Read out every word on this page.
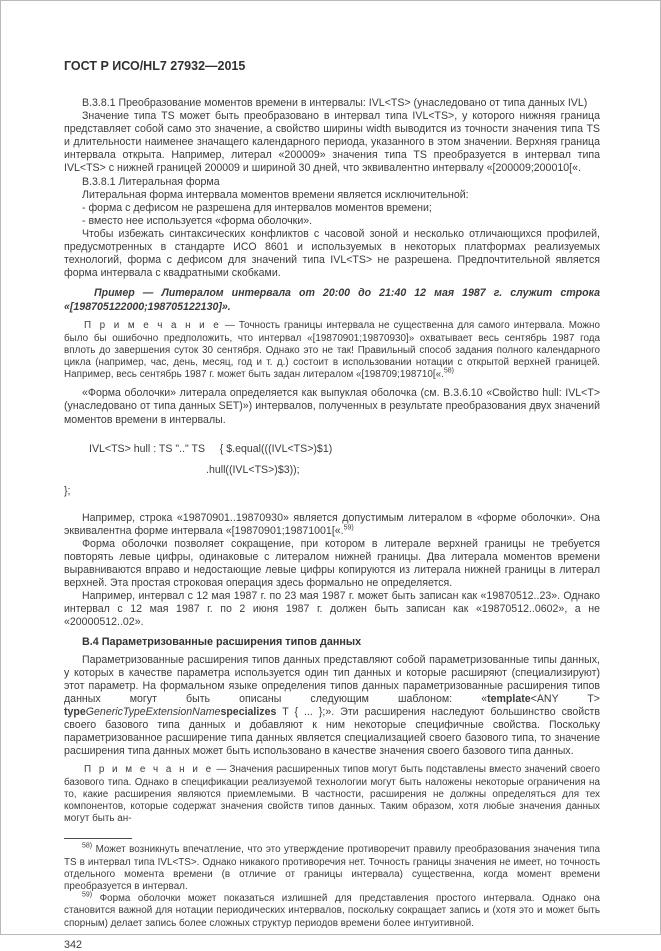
ГОСТ Р ИСО/HL7 27932—2015

В.3.8.1 Преобразование моментов времени в интервалы: IVL<TS> (унаследовано от типа данных IVL)

Значение типа TS может быть преобразовано в интервал типа IVL<TS>, у которого нижняя граница представляет собой само это значение, а свойство ширины width выводится из точности значения типа TS и длительности наименее значащего календарного периода, указанного в этом значении. Верхняя граница интервала открыта. Например, литерал «200009» значения типа TS преобразуется в интервал типа IVL<TS> с нижней границей 200009 и шириной 30 дней, что эквивалентно интервалу «[200009;200010[«.

В.3.8.1 Литеральная форма

Литеральная форма интервала моментов времени является исключительной:

- форма с дефисом не разрешена для интервалов моментов времени;

- вместо нее используется «форма оболочки».

Чтобы избежать синтаксических конфликтов с часовой зоной и несколько отличающихся профилей, предусмотренных в стандарте ИСО 8601 и используемых в некоторых платформах реализуемых технологий, форма с дефисом для значений типа IVL<TS> не разрешена. Предпочтительной является форма интервала с квадратными скобками.

Пример — Литералом интервала от 20:00 до 21:40 12 мая 1987 г. служит строка «[198705122000;198705122130]».

П р и м е ч а н и е — Точность границы интервала не существенна для самого интервала. Можно было бы ошибочно предположить, что интервал «[19870901;19870930]» охватывает весь сентябрь 1987 года вплоть до завершения суток 30 сентября. Однако это не так! Правильный способ задания полного календарного цикла (например, час, день, месяц, год и т. д.) состоит в использовании нотации с открытой верхней границей. Например, весь сентябрь 1987 г. может быть задан литералом «[198709;198710[«.$^{58)}$

«Форма оболочки» литерала определяется как выпуклая оболочка (см. В.3.6.10 «Свойство hull: IVL<T> (унаследовано от типа данных SET)») интервалов, полученных в результате преобразования двух значений моментов времени в интервалы.

IVL<TS> hull : TS ".." TS     { $.equal(((IVL<TS>)$1)
.hull((IVL<TS>)$3));
};

Например, строка «19870901..19870930» является допустимым литералом в «форме оболочки». Она эквивалентна форме интервала «[19870901;19871001[«.$^{59)}$

Форма оболочки позволяет сокращение, при котором в литерале верхней границы не требуется повторять левые цифры, одинаковые с литералом нижней границы. Два литерала моментов времени выравниваются вправо и недостающие левые цифры копируются из литерала нижней границы в литерал верхней. Эта простая строковая операция здесь формально не определяется.

Например, интервал с 12 мая 1987 г. по 23 мая 1987 г. может быть записан как «19870512..23». Однако интервал с 12 мая 1987 г. по 2 июня 1987 г. должен быть записан как «19870512..0602», а не «20000512..02».

В.4 Параметризованные расширения типов данных

Параметризованные расширения типов данных представляют собой параметризованные типы данных, у которых в качестве параметра используется один тип данных и которые расширяют (специализируют) этот параметр. На формальном языке определения типов данных параметризованные расширения типов данных могут быть описаны следующим шаблоном: «template<ANY T> typeGenericTypeExtensionNamespecializes T { ... };». Эти расширения наследуют большинство свойств своего базового типа данных и добавляют к ним некоторые специфичные свойства. Поскольку параметризованное расширение типа данных является специализацией своего базового типа, то значение расширения типа данных может быть использовано в качестве значения своего базового типа данных.

П р и м е ч а н и е — Значения расширенных типов могут быть подставлены вместо значений своего базового типа. Однако в спецификации реализуемой технологии могут быть наложены некоторые ограничения на то, какие расширения являются приемлемыми. В частности, расширения не должны определяться для тех компонентов, которые содержат значения свойств типов данных. Таким образом, хотя любые значения данных могут быть ан-

$^{58)}$ Может возникнуть впечатление, что это утверждение противоречит правилу преобразования значения типа TS в интервал типа IVL<TS>. Однако никакого противоречия нет. Точность границы значения не имеет, но точность отдельного момента времени (в отличие от границы интервала) существенна, когда момент времени преобразуется в интервал.

$^{59)}$ Форма оболочки может показаться излишней для представления простого интервала. Однако она становится важной для нотации периодических интервалов, поскольку сокращает запись и (хотя это и может быть спорным) делает запись более сложных структур периодов времени более интуитивной.

342
